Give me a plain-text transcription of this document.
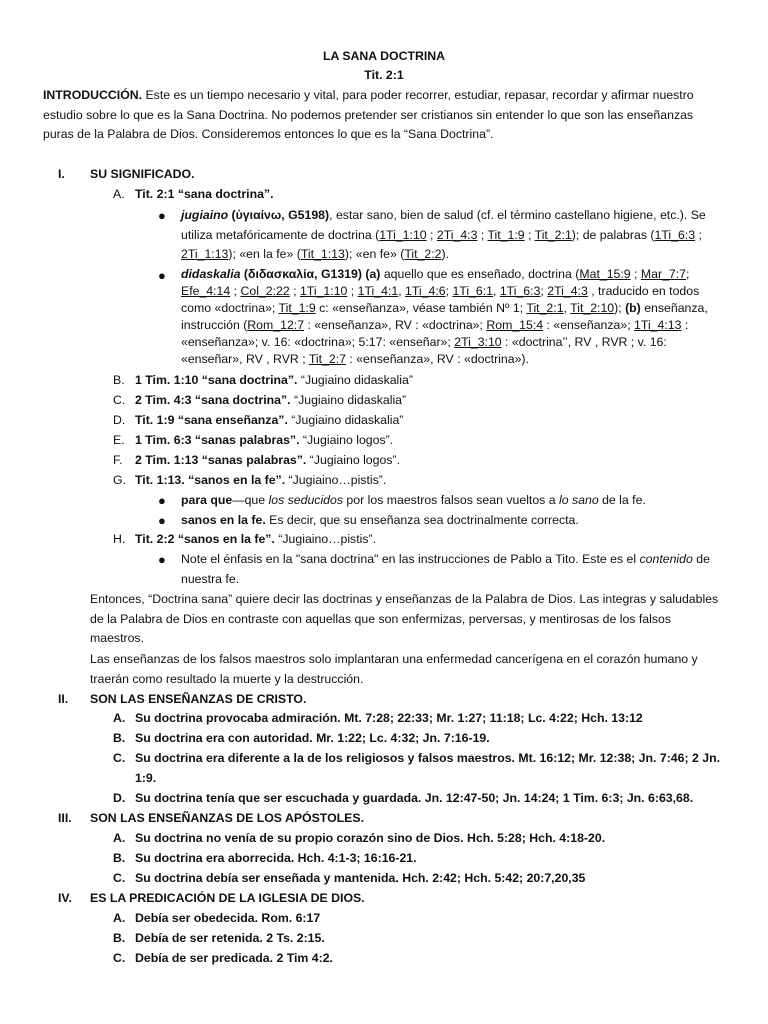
LA SANA DOCTRINA
Tit. 2:1
INTRODUCCIÓN. Este es un tiempo necesario y vital, para poder recorrer, estudiar, repasar, recordar y afirmar nuestro estudio sobre lo que es la Sana Doctrina. No podemos pretender ser cristianos sin entender lo que son las enseñanzas puras de la Palabra de Dios. Consideremos entonces lo que es la “Sana Doctrina”.
I. SU SIGNIFICADO.
A. Tit. 2:1 “sana doctrina”.
● jugiaino (ὑγιαίνω, G5198), estar sano, bien de salud (cf. el término castellano higiene, etc.). Se utiliza metafóricamente de doctrina (1Ti_1:10 ; 2Ti_4:3 ; Tit_1:9 ; Tit_2:1); de palabras (1Ti_6:3 ; 2Ti_1:13); «en la fe» (Tit_1:13); «en fe» (Tit_2:2).
● didaskalia (διδασκαλία, G1319) (a) aquello que es enseñado, doctrina (Mat_15:9 ; Mar_7:7; Efe_4:14 ; Col_2:22 ; 1Ti_1:10 ; 1Ti_4:1, 1Ti_4:6; 1Ti_6:1, 1Ti_6:3; 2Ti_4:3 , traducido en todos como «doctrina»; Tit_1:9 c: «enseñanza», véase también Nº 1; Tit_2:1, Tit_2:10); (b) enseñanza, instrucción (Rom_12:7 : «enseñanza», RV : «doctrina»; Rom_15:4 : «enseñanza»; 1Ti_4:13 : «enseñanza»; v. 16: «doctrina»; 5:17: «enseñar»; 2Ti_3:10 : «doctrina’’, RV , RVR ; v. 16: «enseñar», RV , RVR ; Tit_2:7 : «enseñanza», RV : «doctrina»).
B. 1 Tim. 1:10 “sana doctrina”. “Jugiaino didaskalia”
C. 2 Tim. 4:3 “sana doctrina”. “Jugiaino didaskalia”
D. Tit. 1:9 “sana enseñanza”. “Jugiaino didaskalia”
E. 1 Tim. 6:3 “sanas palabras”. “Jugiaino logos”.
F. 2 Tim. 1:13 “sanas palabras”. “Jugiaino logos”.
G. Tit. 1:13. “sanos en la fe”. “Jugiaino…pistis”.
● para que—que los seducidos por los maestros falsos sean vueltos a lo sano de la fe.
● sanos en la fe. Es decir, que su enseñanza sea doctrinalmente correcta.
H. Tit. 2:2 “sanos en la fe”. “Jugiaino…pistis”.
● Note el énfasis en la "sana doctrina" en las instrucciones de Pablo a Tito. Este es el contenido de
nuestra fe.
Entonces, “Doctrina sana” quiere decir las doctrinas y enseñanzas de la Palabra de Dios. Las integras y saludables de la Palabra de Dios en contraste con aquellas que son enfermizas, perversas, y mentirosas de los falsos maestros.
Las enseñanzas de los falsos maestros solo implantaran una enfermedad cancerígena en el corazón humano y traerán como resultado la muerte y la destrucción.
II. SON LAS ENSEÑANZAS DE CRISTO.
A. Su doctrina provocaba admiración. Mt. 7:28; 22:33; Mr. 1:27; 11:18; Lc. 4:22; Hch. 13:12
B. Su doctrina era con autoridad. Mr. 1:22; Lc. 4:32; Jn. 7:16-19.
C. Su doctrina era diferente a la de los religiosos y falsos maestros. Mt. 16:12; Mr. 12:38; Jn. 7:46; 2 Jn. 1:9.
D. Su doctrina tenía que ser escuchada y guardada. Jn. 12:47-50; Jn. 14:24; 1 Tim. 6:3; Jn. 6:63,68.
III. SON LAS ENSEÑANZAS DE LOS APÓSTOLES.
A. Su doctrina no venía de su propio corazón sino de Dios. Hch. 5:28; Hch. 4:18-20.
B. Su doctrina era aborrecida. Hch. 4:1-3; 16:16-21.
C. Su doctrina debía ser enseñada y mantenida. Hch. 2:42; Hch. 5:42; 20:7,20,35
IV. ES LA PREDICACIÓN DE LA IGLESIA DE DIOS.
A. Debía ser obedecida. Rom. 6:17
B. Debía de ser retenida. 2 Ts. 2:15.
C. Debía de ser predicada. 2 Tim 4:2.
